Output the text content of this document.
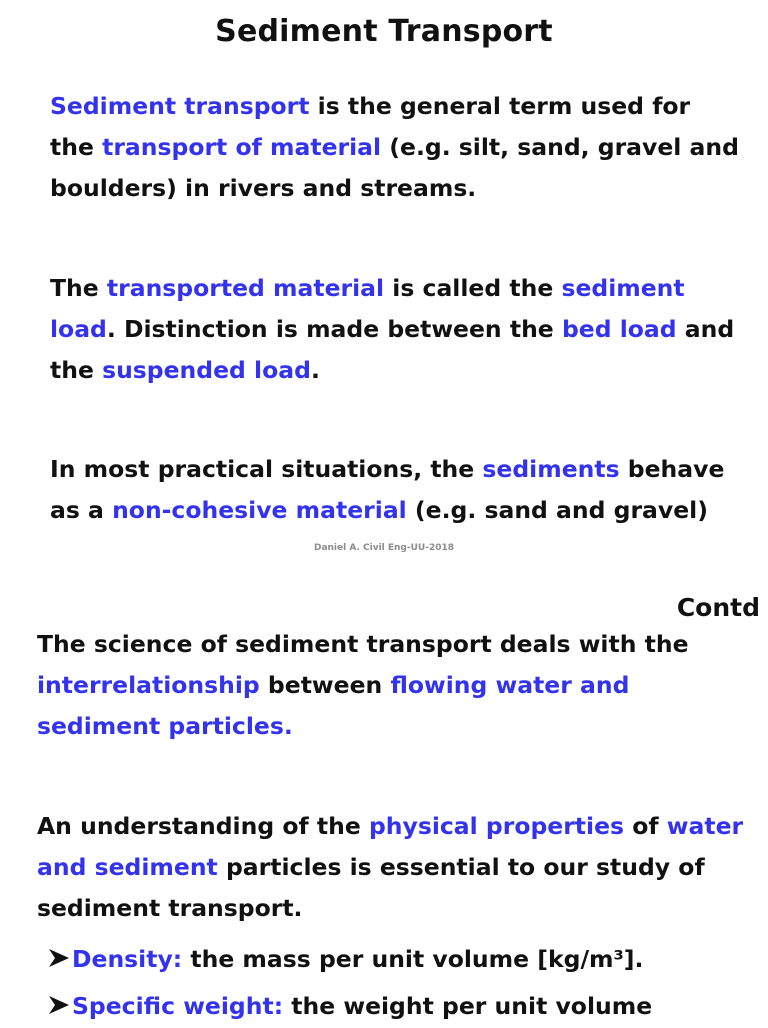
Sediment Transport

Sediment transport is the general term used for the transport of material (e.g. silt, sand, gravel and boulders) in rivers and streams.

The transported material is called the sediment load. Distinction is made between the bed load and the suspended load.

In most practical situations, the sediments behave as a non-cohesive material (e.g. sand and gravel)

Daniel A. Civil Eng-UU-2018
Contd

The science of sediment transport deals with the interrelationship between flowing water and sediment particles.

An understanding of the physical properties of water and sediment particles is essential to our study of sediment transport.

Density: the mass per unit volume [kg/m³].
Specific weight: the weight per unit volume
